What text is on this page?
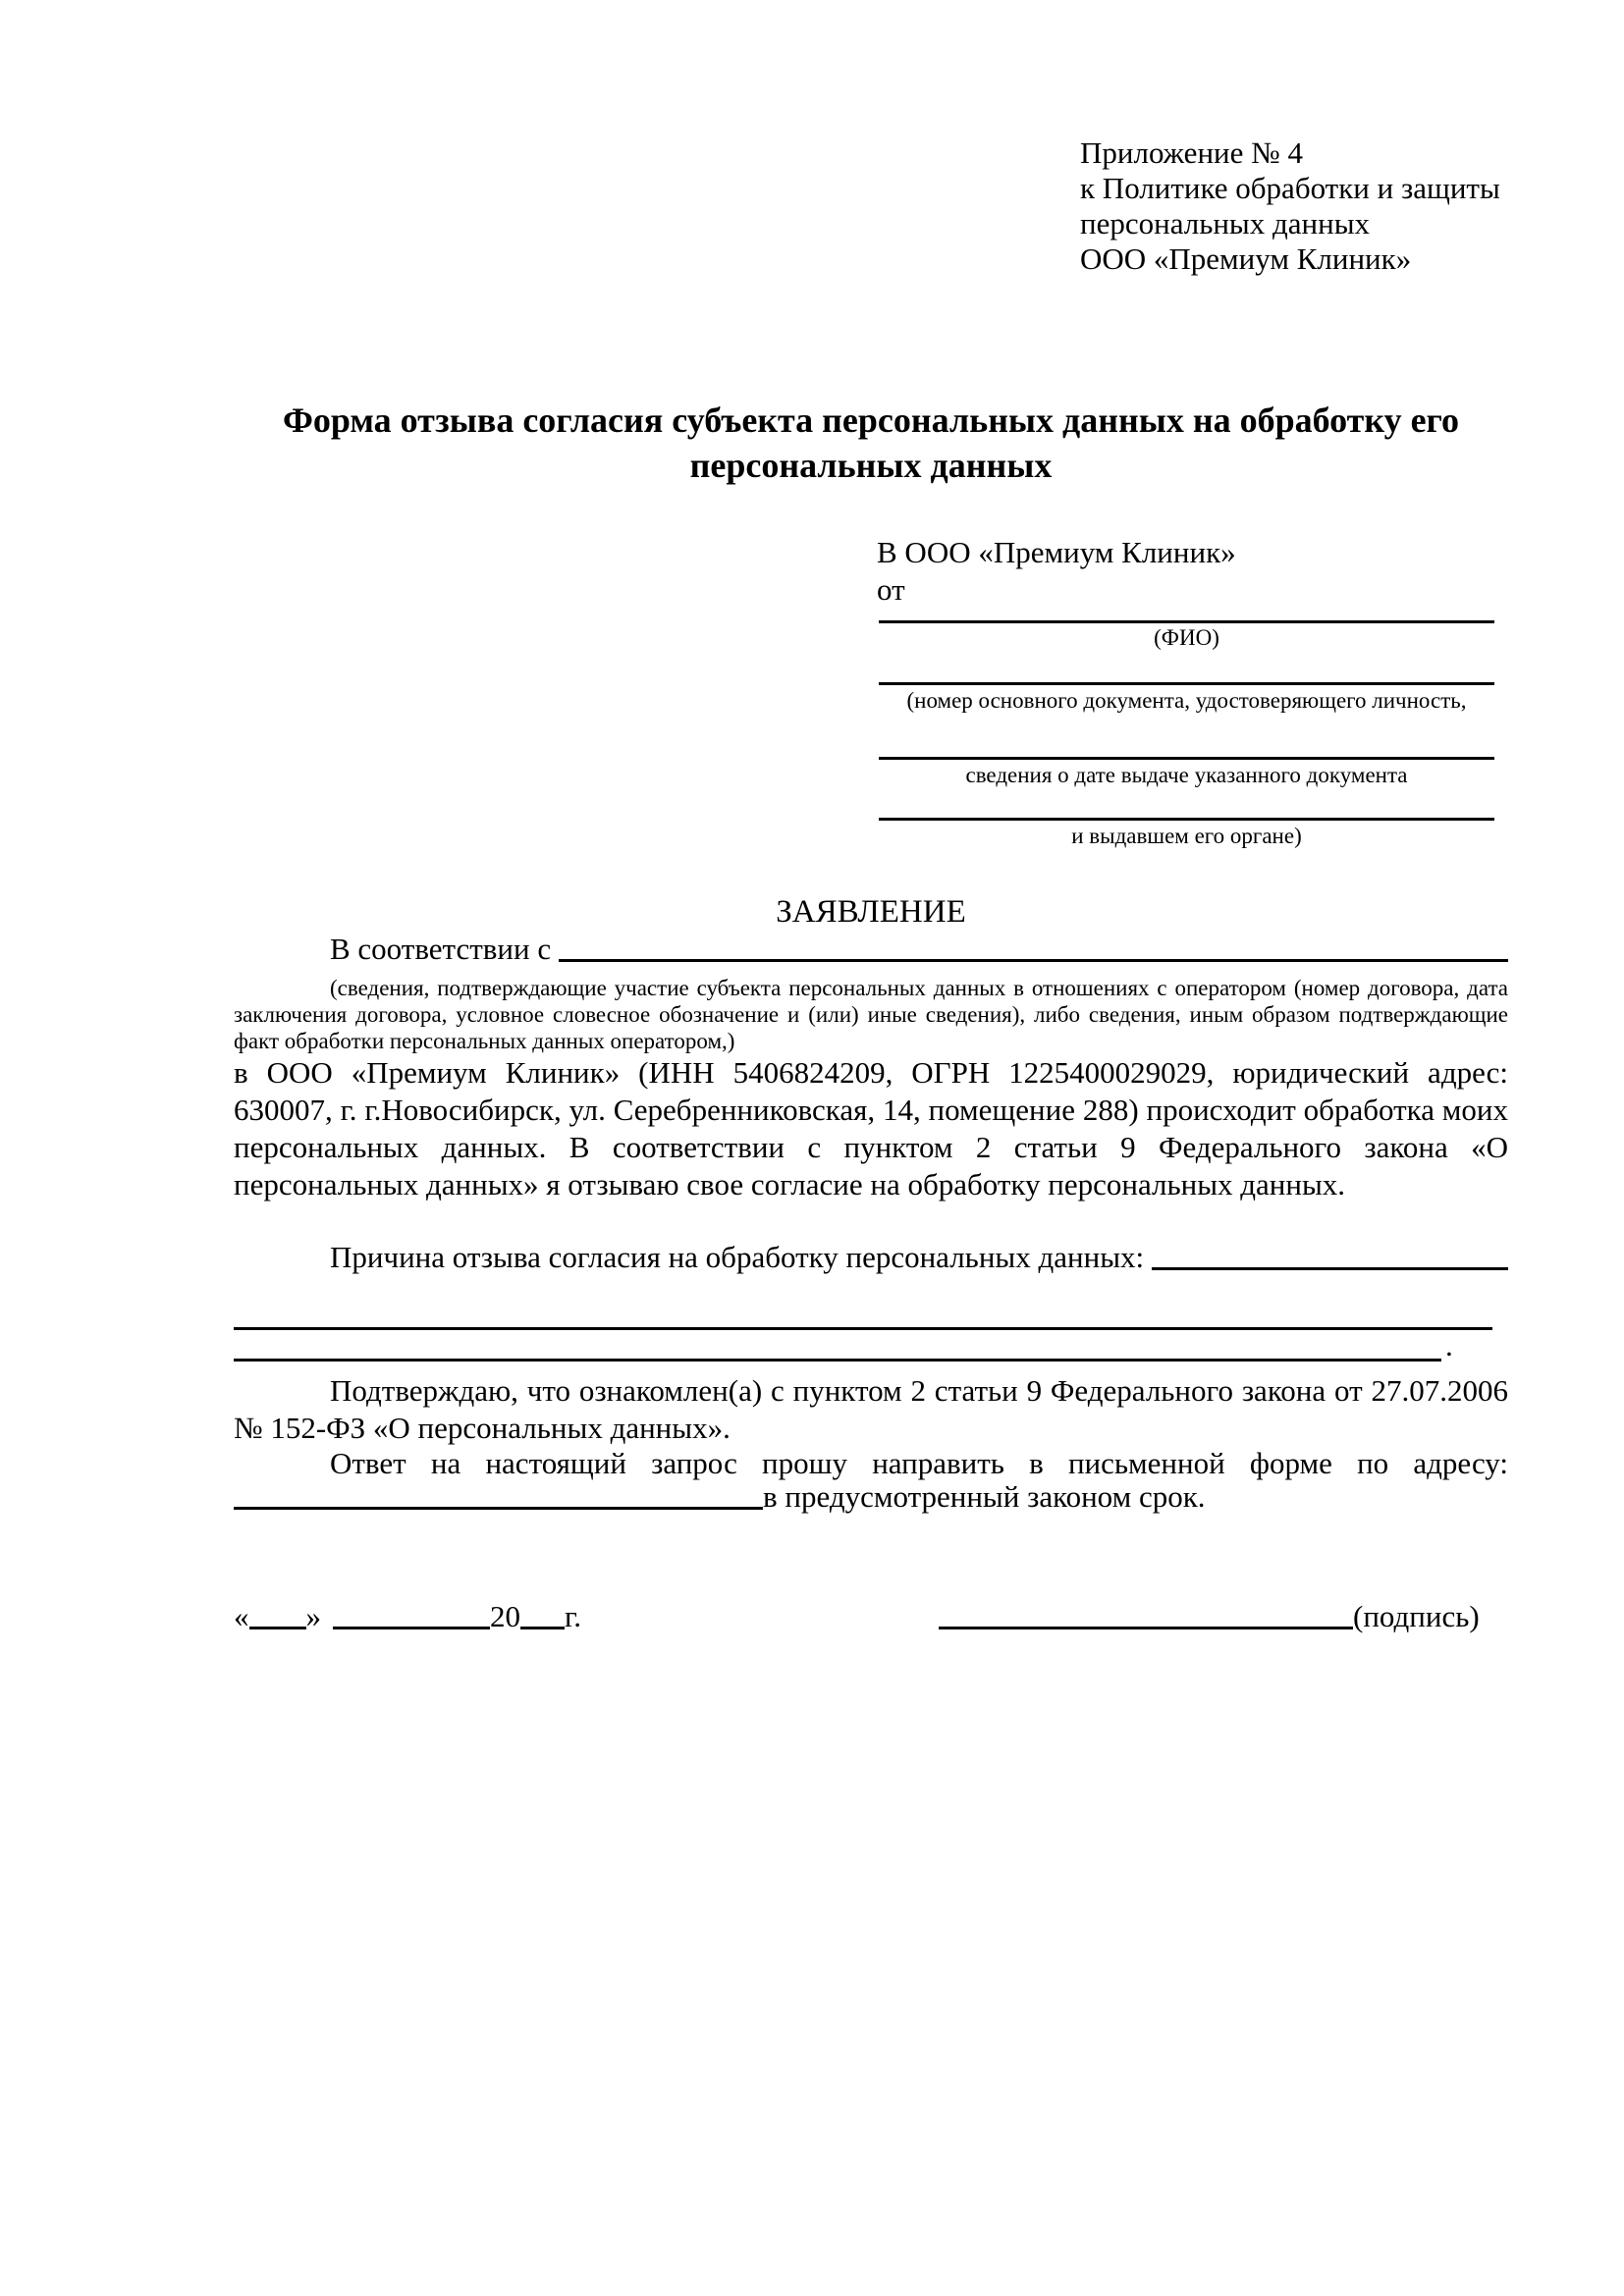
Приложение № 4
к Политике обработки и защиты
персональных данных
ООО «Премиум Клиник»
Форма отзыва согласия субъекта персональных данных на обработку его персональных данных
В ООО «Премиум Клиник»
от
(ФИО)
(номер основного документа, удостоверяющего личность,
сведения о дате выдаче указанного документа
и выдавшем его органе)
ЗАЯВЛЕНИЕ
В соответствии с

(сведения, подтверждающие участие субъекта персональных данных в отношениях с оператором (номер договора, дата заключения договора, условное словесное обозначение и (или) иные сведения), либо сведения, иным образом подтверждающие факт обработки персональных данных оператором,)
в ООО «Премиум Клиник» (ИНН 5406824209, ОГРН 1225400029029, юридический адрес: 630007, г. г.Новосибирск, ул. Серебренниковская, 14, помещение 288) происходит обработка моих персональных данных. В соответствии с пунктом 2 статьи 9 Федерального закона «О персональных данных» я отзываю свое согласие на обработку персональных данных.
Причина отзыва согласия на обработку персональных данных:
.
Подтверждаю, что ознакомлен(а) с пунктом 2 статьи 9 Федерального закона от 27.07.2006 № 152-ФЗ «О персональных данных».
Ответ на настоящий запрос прошу направить в письменной форме по адресу:
в предусмотренный законом срок.
« »	20 г.	(подпись)
